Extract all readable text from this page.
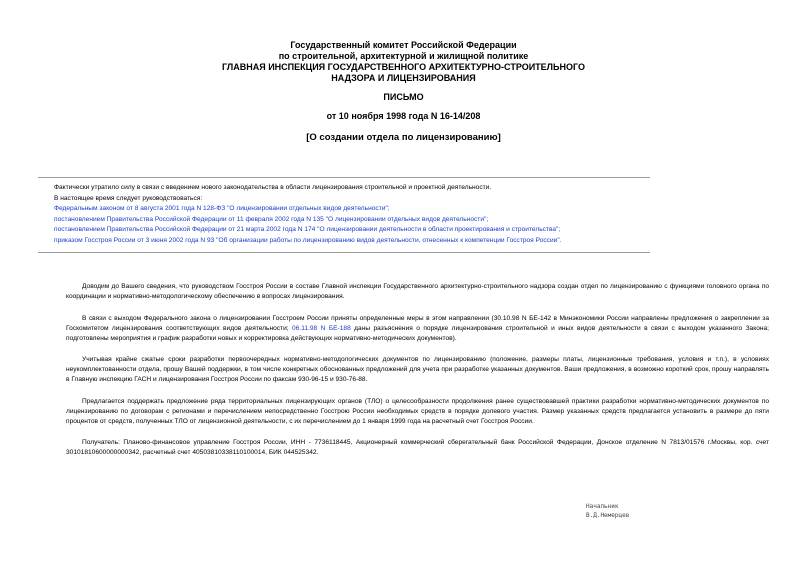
Государственный комитет Российской Федерации
по строительной, архитектурной и жилищной политике
ГЛАВНАЯ ИНСПЕКЦИЯ ГОСУДАРСТВЕННОГО АРХИТЕКТУРНО-СТРОИТЕЛЬНОГО
НАДЗОРА И ЛИЦЕНЗИРОВАНИЯ
ПИСЬМО
от 10 ноября 1998 года N 16-14/208
[О создании отдела по лицензированию]
Фактически утратило силу в связи с введением нового законодательства в области лицензирования строительной и проектной деятельности.
В настоящее время следует руководствоваться:
Федеральным законом от 8 августа 2001 года N 128-ФЗ "О лицензировании отдельных видов деятельности";
постановлением Правительства Российской Федерации от 11 февраля 2002 года N 135 "О лицензировании отдельных видов деятельности";
постановлением Правительства Российской Федерации от 21 марта 2002 года N 174 "О лицензировании деятельности в области проектирования и строительства";
приказом Госстроя России от 3 июня 2002 года N 93 "Об организации работы по лицензированию видов деятельности, отнесенных к компетенции Госстроя России".

Доводим до Вашего сведения, что руководством Госстроя России в составе Главной инспекции Государственного архитектурно-строительного надзора создан отдел по лицензированию с функциями головного органа по координации и нормативно-методологическому обеспечению в вопросах лицензирования.

В связи с выходом Федерального закона о лицензировании Госстроем России приняты определенные меры в этом направлении (30.10.98 N БЕ-142 в Минэкономики России направлены предложения о закреплении за Госкомитетом лицензирования соответствующих видов деятельности; 06.11.98 N БЕ-188 даны разъяснения о порядке лицензирования строительной и иных видов деятельности в связи с выходом указанного Закона; подготовлены мероприятия и график разработки новых и корректировка действующих нормативно-методических документов).

Учитывая крайне сжатые сроки разработки первоочередных нормативно-методологических документов по лицензированию (положение, размеры платы, лицензионные требования, условия и т.п.), в условиях неукомплектованности отдела, прошу Вашей поддержки, в том числе конкретных обоснованных предложений для учета при разработке указанных документов. Ваши предложения, в возможно короткий срок, прошу направлять в Главную инспекцию ГАСН и лицензирования Госстроя России по факсам 930-96-15 и 930-76-88.

Предлагается поддержать предложение ряда территориальных лицензирующих органов (ТЛО) о целесообразности продолжения ранее существовавшей практики разработки нормативно-методических документов по лицензированию по договорам с регионами и перечислением непосредственно Госстрою России необходимых средств в порядке долевого участия. Размер указанных средств предлагается установить в размере до пяти процентов от средств, полученных ТЛО от лицензионной деятельности, с их перечислением до 1 января 1999 года на расчетный счет Госстроя России.

Получатель: Планово-финансовое управление Госстроя России, ИНН - 7736118445, Акционерный коммерческий сберегательный банк Российской Федерации, Донское отделение N 7813/01576 г.Москвы, кор. счет 30101810600000000342, расчетный счет 40503810338110100014, БИК 044525342.

Начальник
В.Д.Немерцев
